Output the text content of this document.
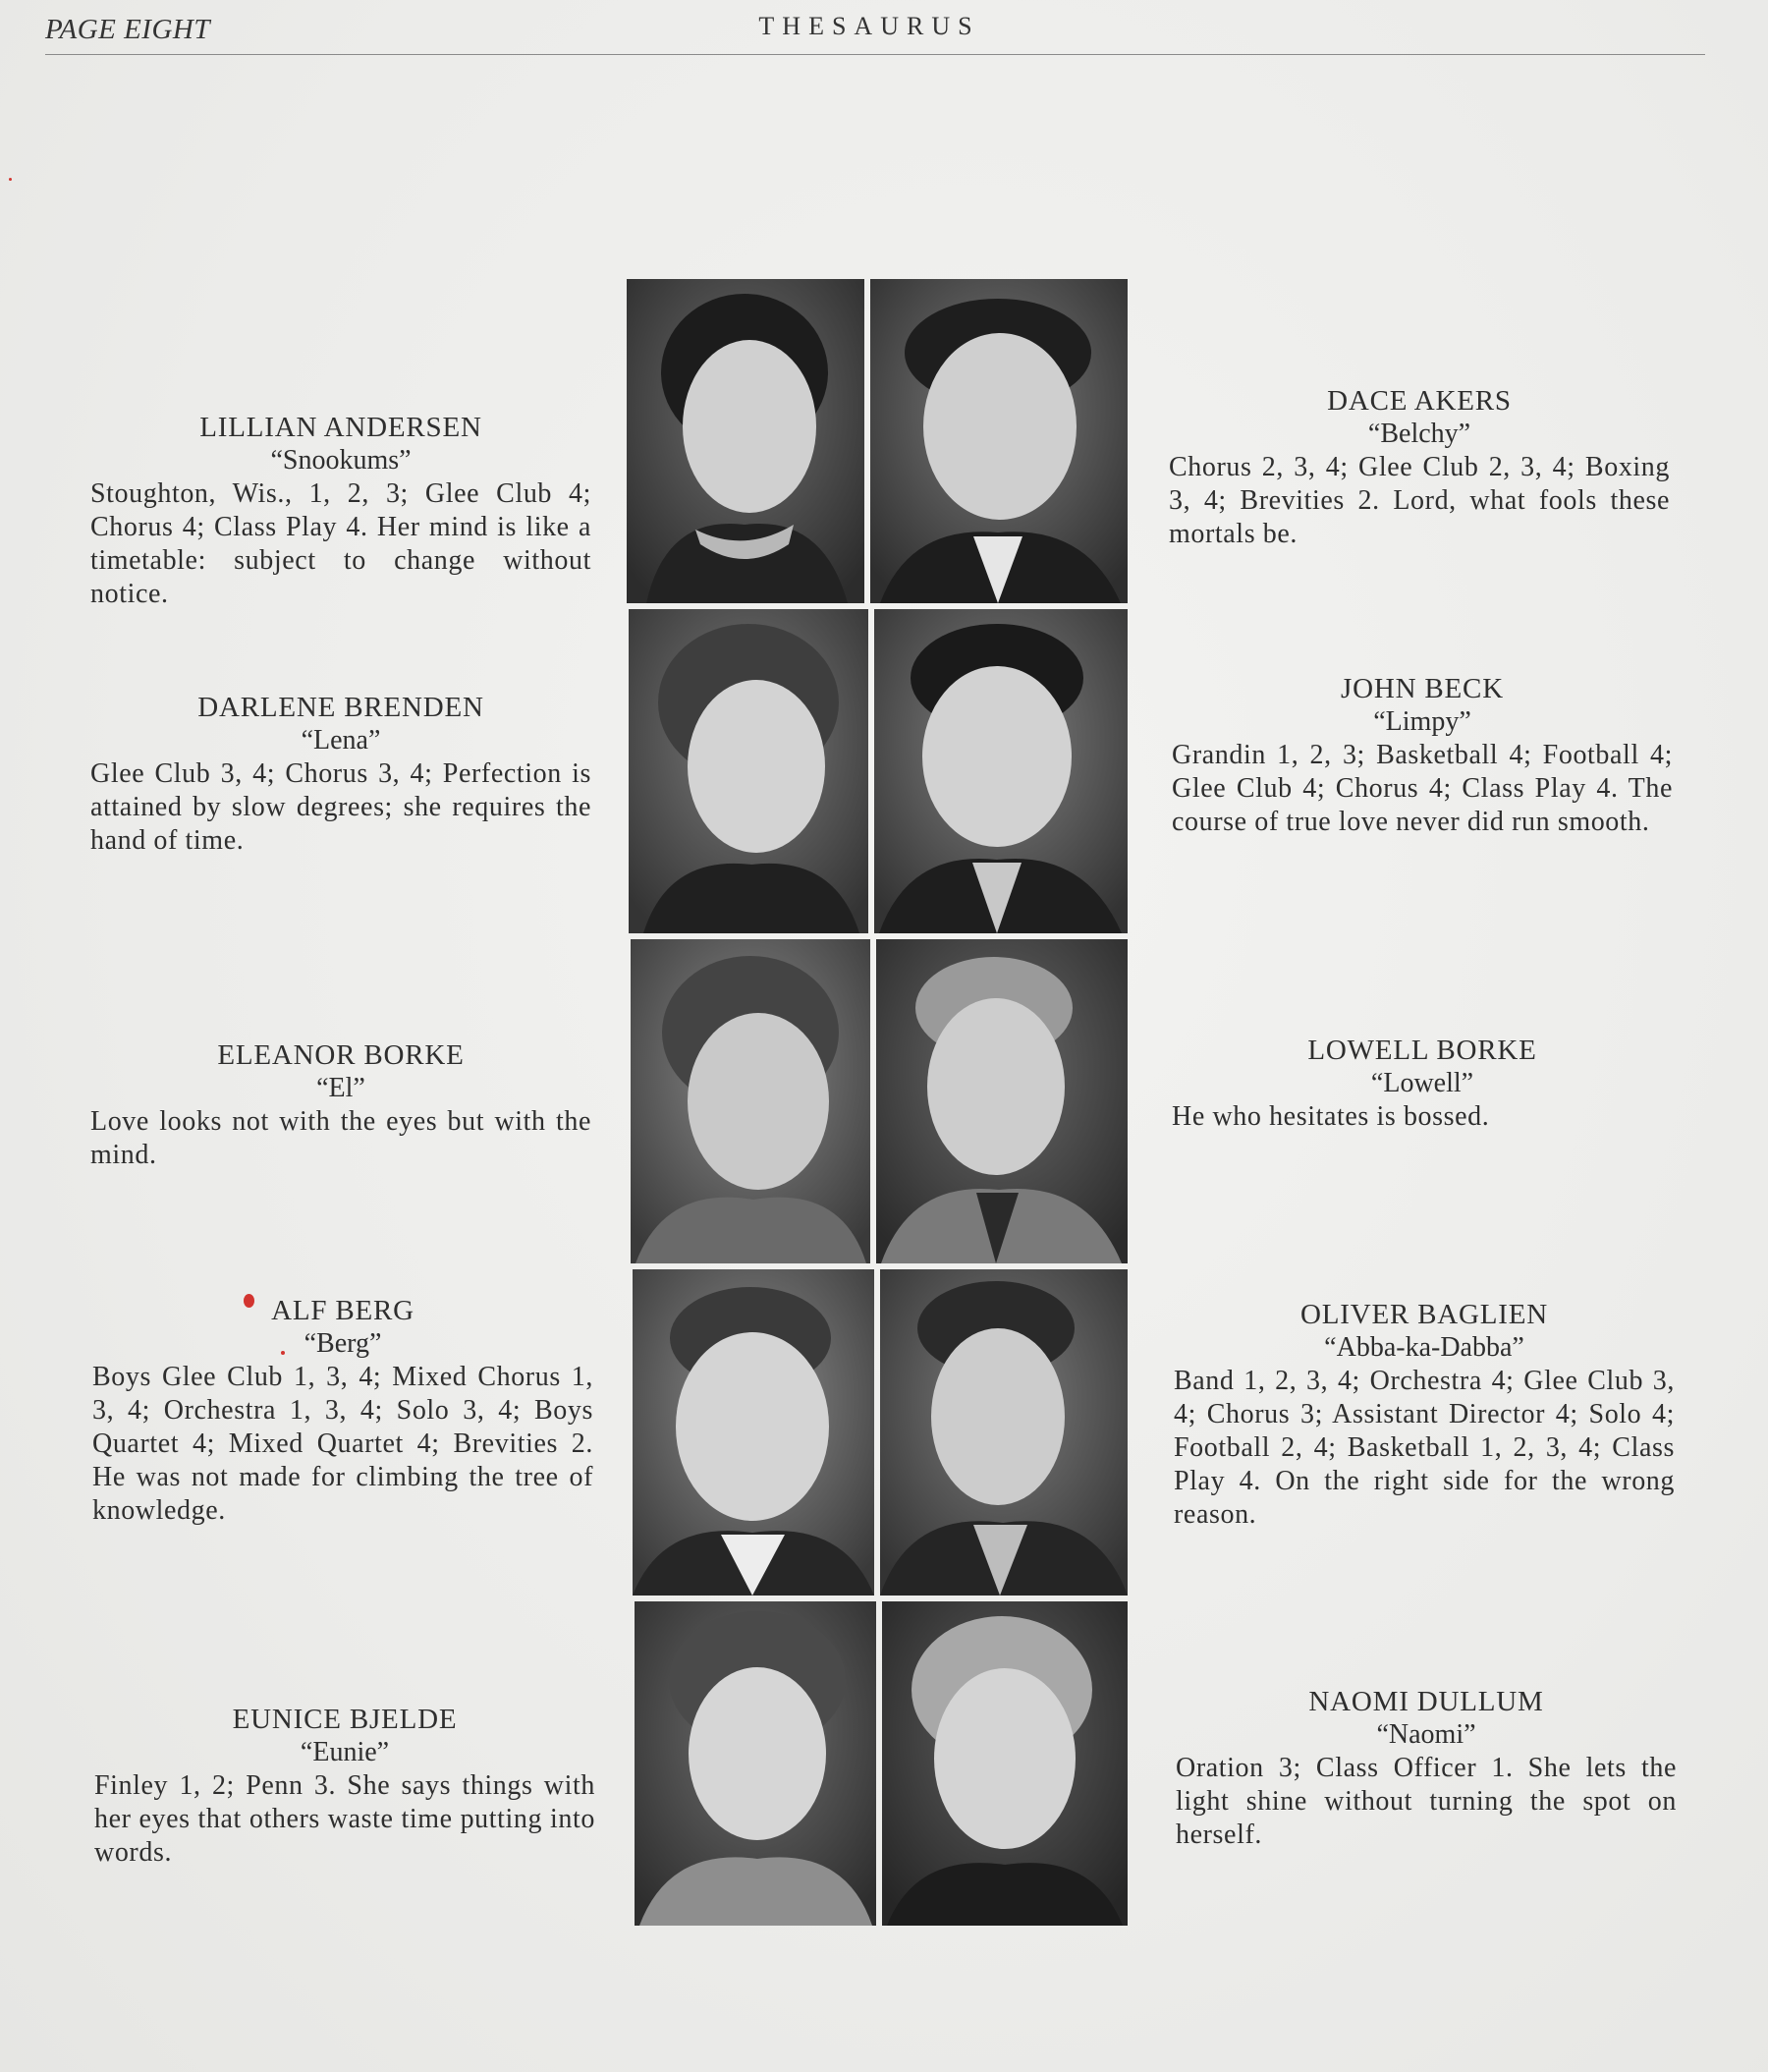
PAGE EIGHT	THESAURUS
LILLIAN ANDERSEN
“Snookums”
Stoughton, Wis., 1, 2, 3; Glee Club 4; Chorus 4; Class Play 4. Her mind is like a timetable: subject to change without notice.
DARLENE BRENDEN
“Lena”
Glee Club 3, 4; Chorus 3, 4; Perfection is attained by slow degrees; she requires the hand of time.
ELEANOR BORKE
“El”
Love looks not with the eyes but with the mind.
ALF BERG
“Berg”
Boys Glee Club 1, 3, 4; Mixed Chorus 1, 3, 4; Orchestra 1, 3, 4; Solo 3, 4; Boys Quartet 4; Mixed Quartet 4; Brevities 2. He was not made for climbing the tree of knowledge.
EUNICE BJELDE
“Eunie”
Finley 1, 2; Penn 3. She says things with her eyes that others waste time putting into words.
DACE AKERS
“Belchy”
Chorus 2, 3, 4; Glee Club 2, 3, 4; Boxing 3, 4; Brevities 2. Lord, what fools these mortals be.
JOHN BECK
“Limpy”
Grandin 1, 2, 3; Basketball 4; Football 4; Glee Club 4; Chorus 4; Class Play 4. The course of true love never did run smooth.
LOWELL BORKE
“Lowell”
He who hesitates is bossed.
OLIVER BAGLIEN
“Abba-ka-Dabba”
Band 1, 2, 3, 4; Orchestra 4; Glee Club 3, 4; Chorus 3; Assistant Director 4; Solo 4; Football 2, 4; Basketball 1, 2, 3, 4; Class Play 4. On the right side for the wrong reason.
NAOMI DULLUM
“Naomi”
Oration 3; Class Officer 1. She lets the light shine without turning the spot on herself.
